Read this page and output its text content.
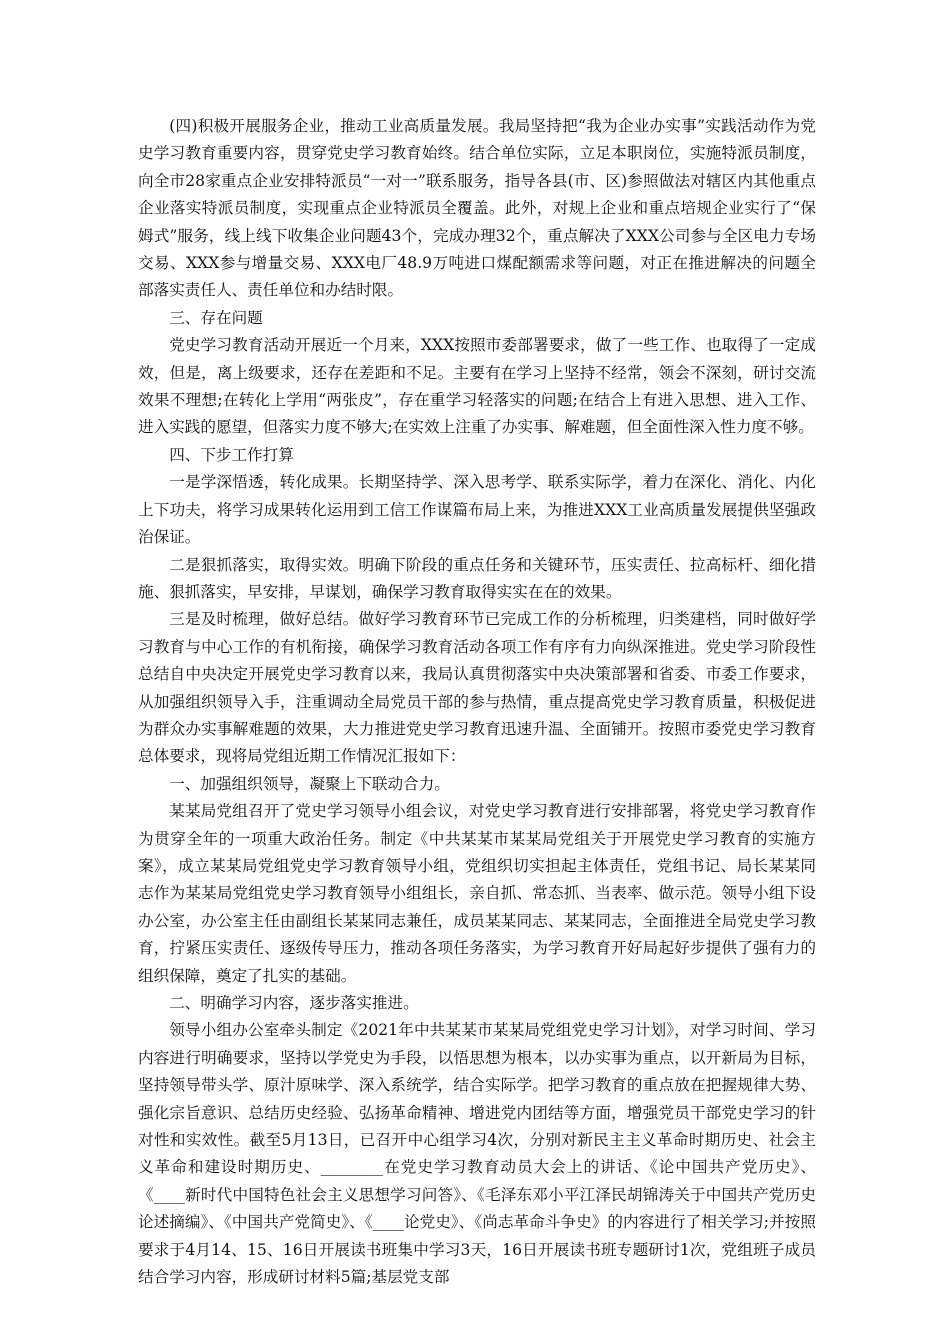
(四)积极开展服务企业，推动工业高质量发展。我局坚持把“我为企业办实事”实践活动作为党史学习教育重要内容，贯穿党史学习教育始终。结合单位实际，立足本职岗位，实施特派员制度，向全市28家重点企业安排特派员“一对一”联系服务，指导各县(市、区)参照做法对辖区内其他重点企业落实特派员制度，实现重点企业特派员全覆盖。此外，对规上企业和重点培规企业实行了“保姆式”服务，线上线下收集企业问题43个，完成办理32个，重点解决了XXX公司参与全区电力专场交易、XXX参与增量交易、XXX电厂48.9万吨进口煤配额需求等问题，对正在推进解决的问题全部落实责任人、责任单位和办结时限。

三、存在问题

党史学习教育活动开展近一个月来，XXX按照市委部署要求，做了一些工作、也取得了一定成效，但是，离上级要求，还存在差距和不足。主要有在学习上坚持不经常，领会不深刻，研讨交流效果不理想;在转化上学用“两张皮”，存在重学习轻落实的问题;在结合上有进入思想、进入工作、进入实践的愿望，但落实力度不够大;在实效上注重了办实事、解难题，但全面性深入性力度不够。

四、下步工作打算

一是学深悟透，转化成果。长期坚持学、深入思考学、联系实际学，着力在深化、消化、内化上下功夫，将学习成果转化运用到工信工作谋篇布局上来，为推进XXX工业高质量发展提供坚强政治保证。

二是狠抓落实，取得实效。明确下阶段的重点任务和关键环节，压实责任、拉高标杆、细化措施、狠抓落实，早安排，早谋划，确保学习教育取得实实在在的效果。

三是及时梳理，做好总结。做好学习教育环节已完成工作的分析梳理，归类建档，同时做好学习教育与中心工作的有机衔接，确保学习教育活动各项工作有序有力向纵深推进。党史学习阶段性总结自中央决定开展党史学习教育以来，我局认真贯彻落实中央决策部署和省委、市委工作要求，从加强组织领导入手，注重调动全局党员干部的参与热情，重点提高党史学习教育质量，积极促进为群众办实事解难题的效果，大力推进党史学习教育迅速升温、全面铺开。按照市委党史学习教育总体要求，现将局党组近期工作情况汇报如下：

一、加强组织领导，凝聚上下联动合力。

某某局党组召开了党史学习领导小组会议，对党史学习教育进行安排部署，将党史学习教育作为贯穿全年的一项重大政治任务。制定《中共某某市某某局党组关于开展党史学习教育的实施方案》，成立某某局党组党史学习教育领导小组，党组织切实担起主体责任，党组书记、局长某某同志作为某某局党组党史学习教育领导小组组长，亲自抓、常态抓、当表率、做示范。领导小组下设办公室，办公室主任由副组长某某同志兼任，成员某某同志、某某同志，全面推进全局党史学习教育，拧紧压实责任、逐级传导压力，推动各项任务落实，为学习教育开好局起好步提供了强有力的组织保障，奠定了扎实的基础。

二、明确学习内容，逐步落实推进。

领导小组办公室牵头制定《2021年中共某某市某某局党组党史学习计划》，对学习时间、学习内容进行明确要求，坚持以学党史为手段，以悟思想为根本，以办实事为重点，以开新局为目标，坚持领导带头学、原汁原味学、深入系统学，结合实际学。把学习教育的重点放在把握规律大势、强化宗旨意识、总结历史经验、弘扬革命精神、增进党内团结等方面，增强党员干部党史学习的针对性和实效性。截至5月13日，已召开中心组学习4次，分别对新民主主义革命时期历史、社会主义革命和建设时期历史、________在党史学习教育动员大会上的讲话、《论中国共产党历史》、《____新时代中国特色社会主义思想学习问答》、《毛泽东邓小平江泽民胡锦涛关于中国共产党历史论述摘编》、《中国共产党简史》、《____论党史》、《尚志革命斗争史》的内容进行了相关学习;并按照要求于4月14、15、16日开展读书班集中学习3天，16日开展读书班专题研讨1次，党组班子成员结合学习内容，形成研讨材料5篇;基层党支部
